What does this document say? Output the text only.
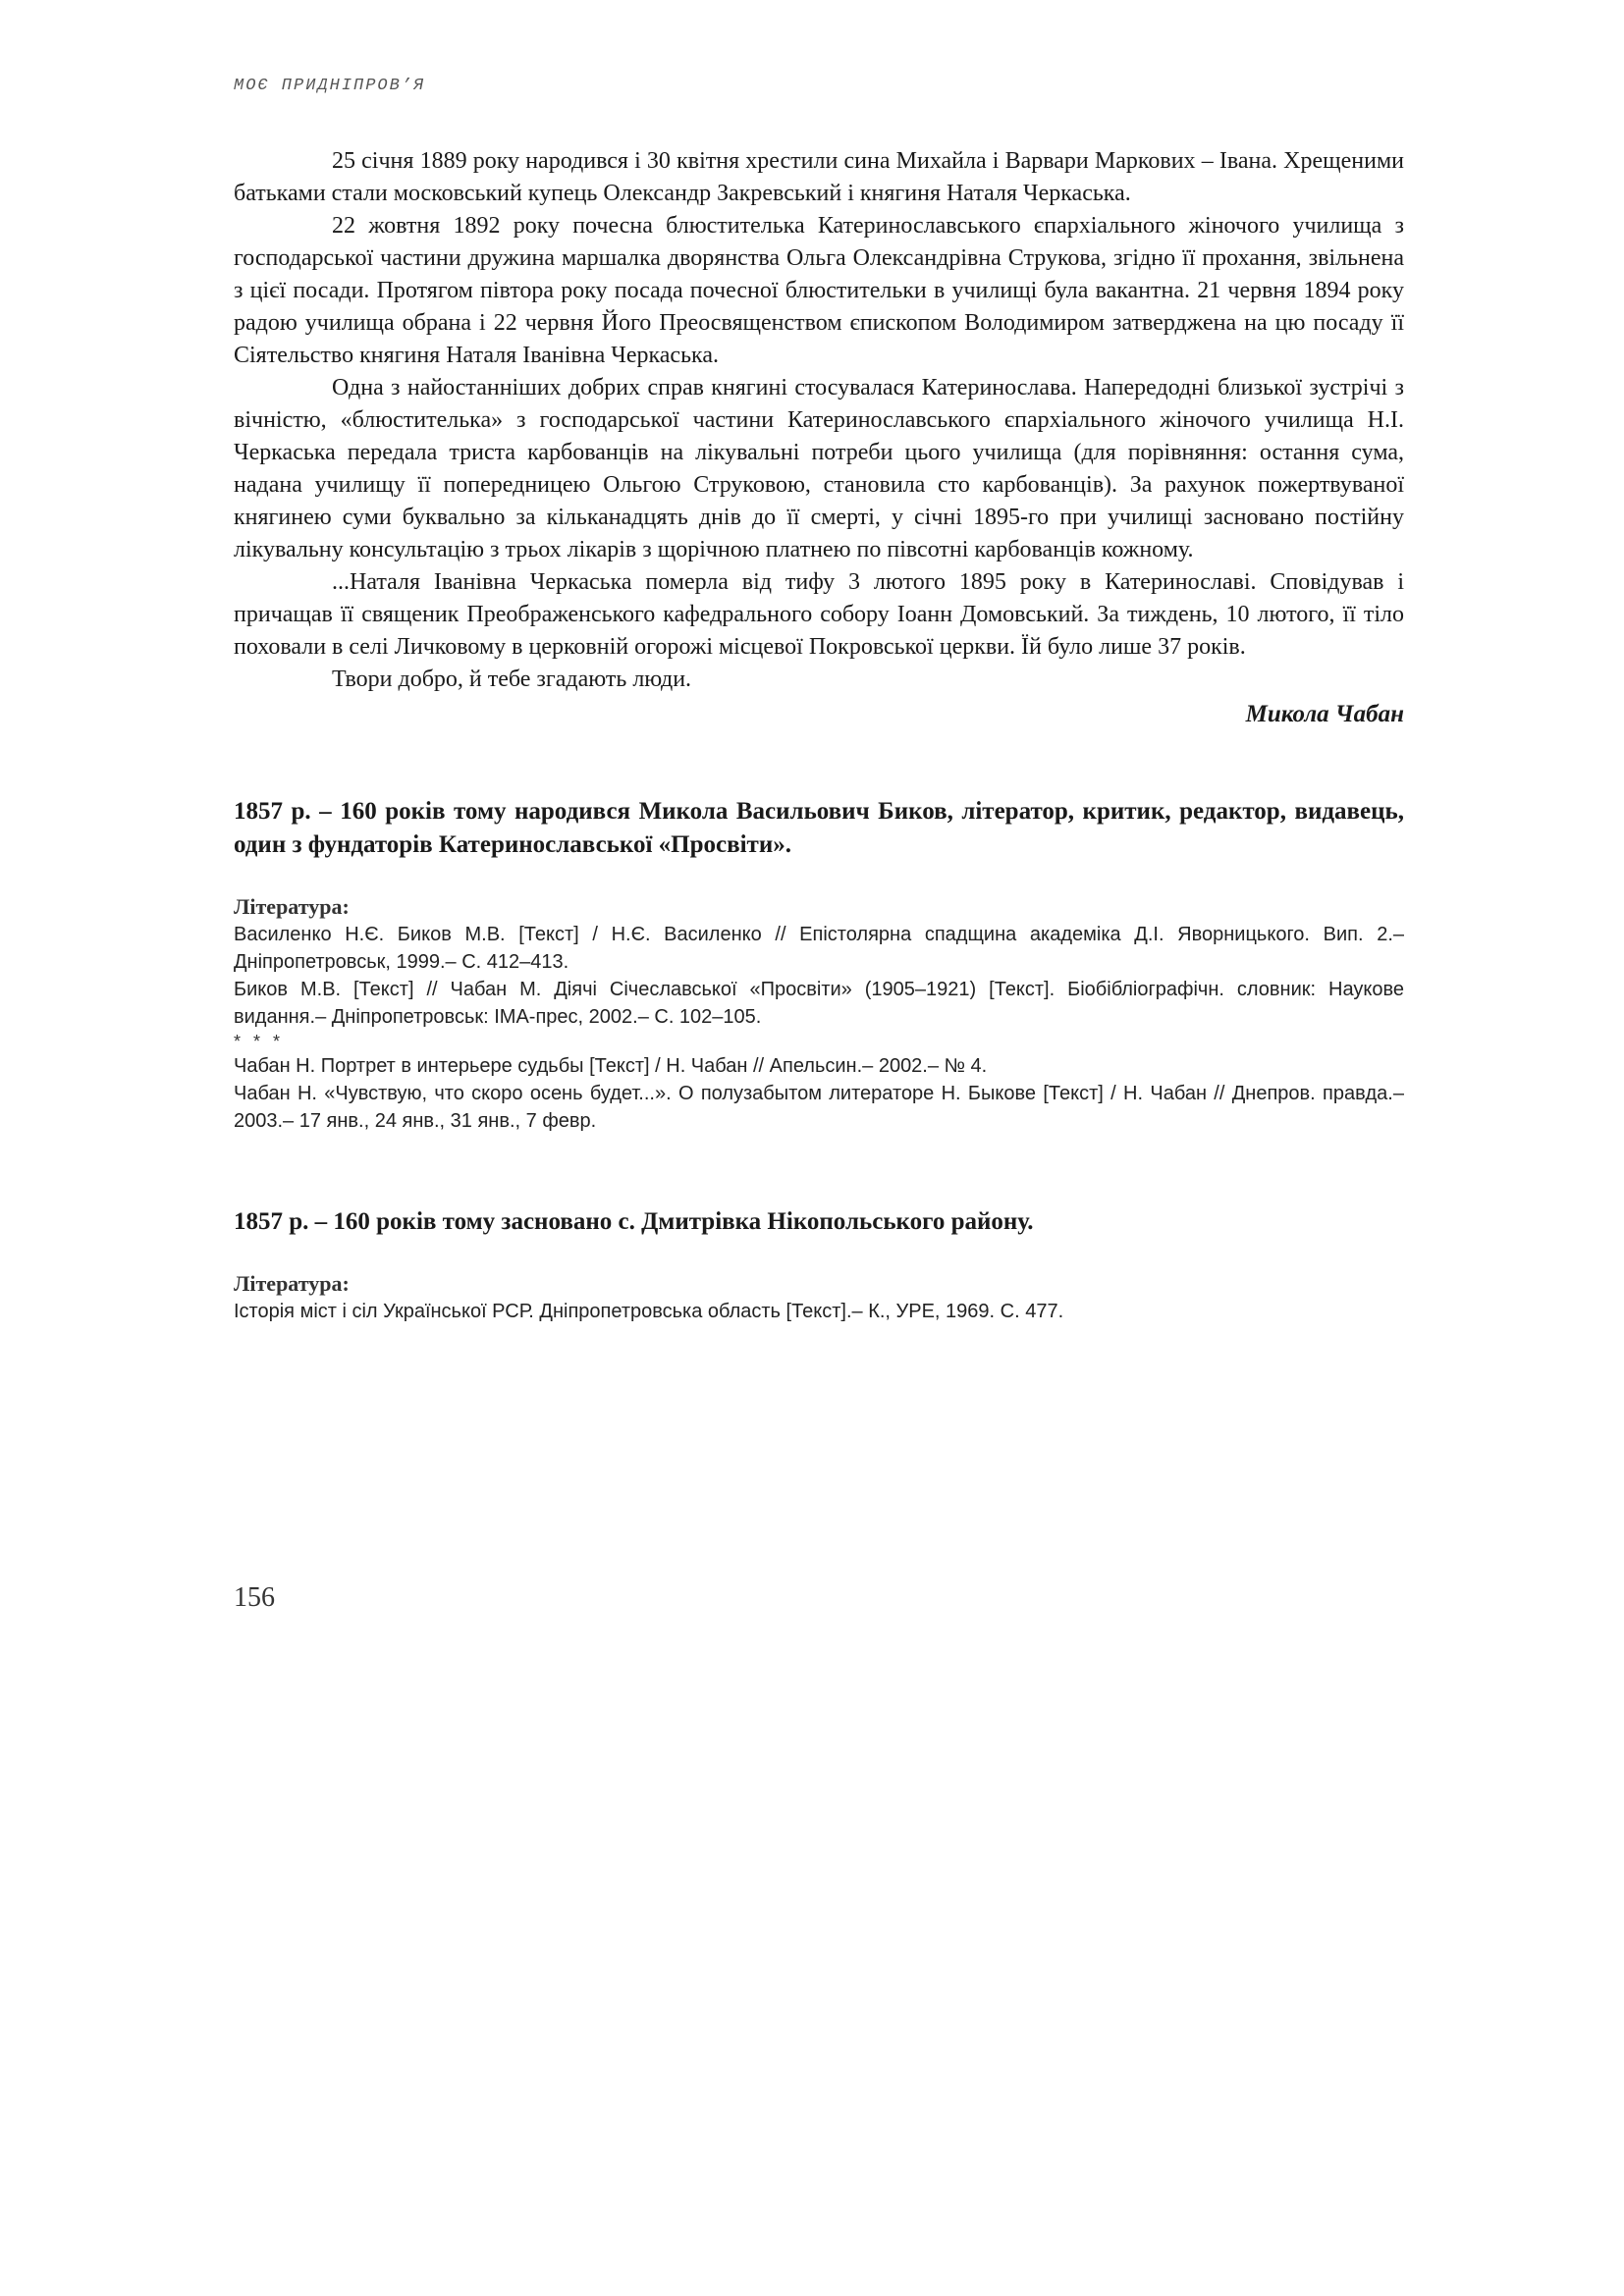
МОЄ ПРИДНІПРОВ’Я

25 січня 1889 року народився і 30 квітня хрестили сина Михайла і Варвари Маркових – Івана. Хрещеними батьками стали московський купець Олександр Закревський і княгиня Наталя Черкаська.

22 жовтня 1892 року почесна блюстителька Катеринославського єпархіального жіночого училища з господарської частини дружина маршалка дворянства Ольга Олександрівна Струкова, згідно її прохання, звільнена з цієї посади. Протягом півтора року посада почесної блюстительки в училищі була вакантна. 21 червня 1894 року радою училища обрана і 22 червня Його Преосвященством єпископом Володимиром затверджена на цю посаду її Сіятельство княгиня Наталя Іванівна Черкаська.

Одна з найостанніших добрих справ княгині стосувалася Катеринослава. Напередодні близької зустрічі з вічністю, «блюстителька» з господарської частини Катеринославського єпархіального жіночого училища Н.І. Черкаська передала триста карбованців на лікувальні потреби цього училища (для порівняння: остання сума, надана училищу її попередницею Ольгою Струковою, становила сто карбованців). За рахунок пожертвуваної княгинею суми буквально за кільканадцять днів до її смерті, у січні 1895-го при училищі засновано постійну лікувальну консультацію з трьох лікарів з щорічною платнею по півсотні карбованців кожному.

...Наталя Іванівна Черкаська померла від тифу 3 лютого 1895 року в Катеринославі. Сповідував і причащав її священик Преображенського кафедрального собору Іоанн Домовський. За тиждень, 10 лютого, її тіло поховали в селі Личковому в церковній огорожі місцевої Покровської церкви. Їй було лише 37 років.

Твори добро, й тебе згадають люди.

Микола Чабан

1857 р. – 160 років тому народився Микола Васильович Биков, літератор, критик, редактор, видавець, один з фундаторів Катеринославської «Просвіти».

Література:

Василенко Н.Є. Биков М.В. [Текст] / Н.Є. Василенко // Епістолярна спадщина академіка Д.І. Яворницького. Вип. 2.– Дніпропетровськ, 1999.– С. 412–413.

Биков М.В. [Текст] // Чабан М. Діячі Січеславської «Просвіти» (1905–1921) [Текст]. Біобібліографічн. словник: Наукове видання.– Дніпропетровськ: ІМА-прес, 2002.– С. 102–105.

* * *

Чабан Н. Портрет в интерьере судьбы [Текст] / Н. Чабан // Апельсин.– 2002.– № 4.

Чабан Н. «Чувствую, что скоро осень будет...». О полузабытом литераторе Н. Быкове [Текст] / Н. Чабан // Днепров. правда.– 2003.– 17 янв., 24 янв., 31 янв., 7 февр.

1857 р. – 160 років тому засновано с. Дмитрівка Нікопольського району.

Література:

Історія міст і сіл Української РСР. Дніпропетровська область [Текст].– К., УРЕ, 1969. С. 477.

156
